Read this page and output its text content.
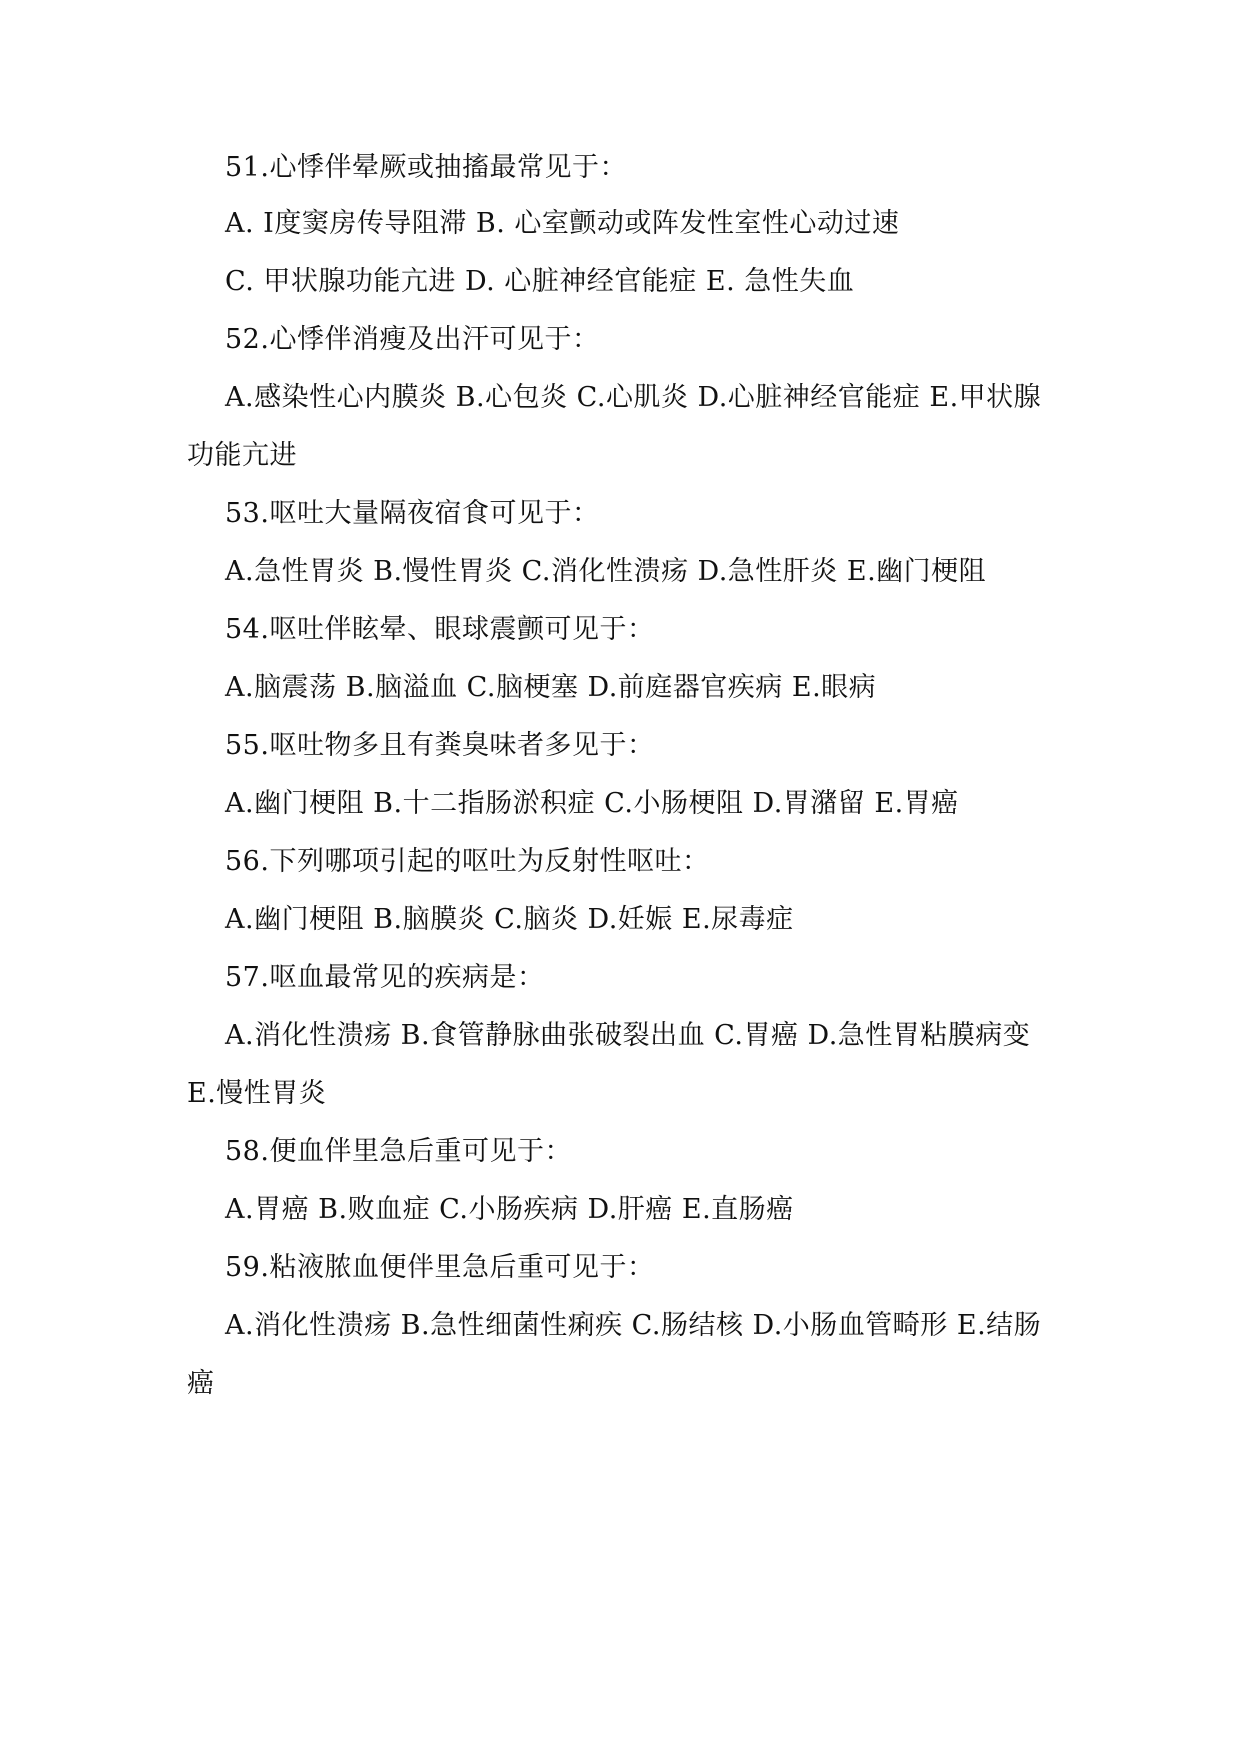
51.心悸伴晕厥或抽搐最常见于：
A. Ⅰ度窦房传导阻滞 B. 心室颤动或阵发性室性心动过速
C. 甲状腺功能亢进 D. 心脏神经官能症 E. 急性失血
52.心悸伴消瘦及出汗可见于：
A.感染性心内膜炎 B.心包炎 C.心肌炎 D.心脏神经官能症 E.甲状腺
功能亢进
53.呕吐大量隔夜宿食可见于：
A.急性胃炎 B.慢性胃炎 C.消化性溃疡 D.急性肝炎 E.幽门梗阻
54.呕吐伴眩晕、眼球震颤可见于：
A.脑震荡 B.脑溢血 C.脑梗塞 D.前庭器官疾病 E.眼病
55.呕吐物多且有粪臭味者多见于：
A.幽门梗阻 B.十二指肠淤积症 C.小肠梗阻 D.胃潴留 E.胃癌
56.下列哪项引起的呕吐为反射性呕吐：
A.幽门梗阻 B.脑膜炎 C.脑炎 D.妊娠 E.尿毒症
57.呕血最常见的疾病是：
A.消化性溃疡 B.食管静脉曲张破裂出血 C.胃癌 D.急性胃粘膜病变
E.慢性胃炎
58.便血伴里急后重可见于：
A.胃癌 B.败血症 C.小肠疾病 D.肝癌 E.直肠癌
59.粘液脓血便伴里急后重可见于：
A.消化性溃疡 B.急性细菌性痢疾 C.肠结核 D.小肠血管畸形 E.结肠
癌
